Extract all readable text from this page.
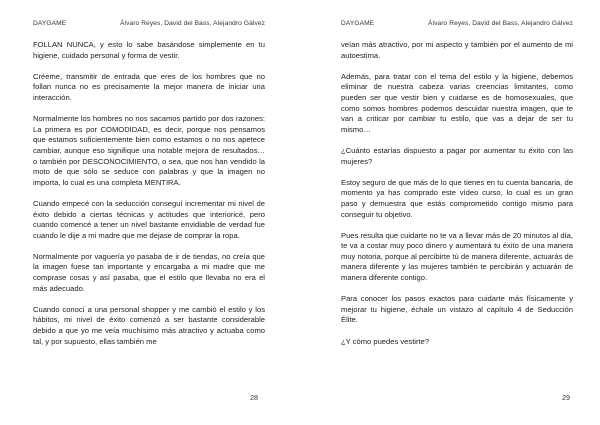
DAYGAME	Álvaro Reyes, David del Bass, Alejandro Gálvez

FOLLAN NUNCA, y esto lo sabe basándose simplemente en tu higiene, cuidado personal y forma de vestir.

Créeme, transmitir de entrada que eres de los hombres que no follan nunca no es precisamente la mejor manera de iniciar una interacción.

Normalmente los hombres no nos sacamos partido por dos razones: La primera es por COMODIDAD, es decir, porque nos pensamos que estamos suficientemente bien como estamos o no nos apetece cambiar, aunque eso signifique una notable mejora de resultados… o también por DESCONOCIMIENTO, o sea, que nos han vendido la moto de que sólo se seduce con palabras y que la imagen no importa, lo cual es una completa MENTIRA.

Cuando empecé con la seducción conseguí incrementar mi nivel de éxito debido a ciertas técnicas y actitudes que interioricé, pero cuando comencé a tener un nivel bastante envidiable de verdad fue cuando le dije a mi madre que me dejase de comprar la ropa.

Normalmente por vaguería yo pasaba de ir de tiendas, no creía que la imagen fuese tan importante y encargaba a mi madre que me comprase cosas y así pasaba, que el estilo que llevaba no era el más adecuado.

Cuando conocí a una personal shopper y me cambió el estilo y los hábitos, mi nivel de éxito comenzó a ser bastante considerable debido a que yo me veía muchísimo más atractivo y actuaba como tal, y por supuesto, ellas también me

28
DAYGAME	Álvaro Reyes, David del Bass, Alejandro Gálvez

veían más atractivo, por mi aspecto y también por el aumento de mi autoestima.

Además, para tratar con el tema del estilo y la higiene, debemos eliminar de nuestra cabeza varias creencias limitantes, como pueden ser que vestir bien y cuidarse es de homosexuales, que como somos hombres podemos descuidar nuestra imagen, que te van a criticar por cambiar tu estilo, que vas a dejar de ser tu mismo…

¿Cuánto estarías dispuesto a pagar por aumentar tu éxito con las mujeres?

Estoy seguro de que más de lo que tienes en tu cuenta bancaria, de momento ya has comprado este vídeo curso, lo cual es un gran paso y demuestra que estás comprometido contigo mismo para conseguir tu objetivo.

Pues resulta que cuidarte no te va a llevar más de 20 minutos al día, te va a costar muy poco dinero y aumentará tu éxito de una manera muy notoria, porque al percibirte tú de manera diferente, actuarás de manera diferente y las mujeres también te percibirán y actuarán de manera diferente contigo.

Para conocer los pasos exactos para cuidarte más físicamente y mejorar tu higiene, échale un vistazo al capítulo 4 de Seducción Élite.

¿Y cómo puedes vestirte?

29
